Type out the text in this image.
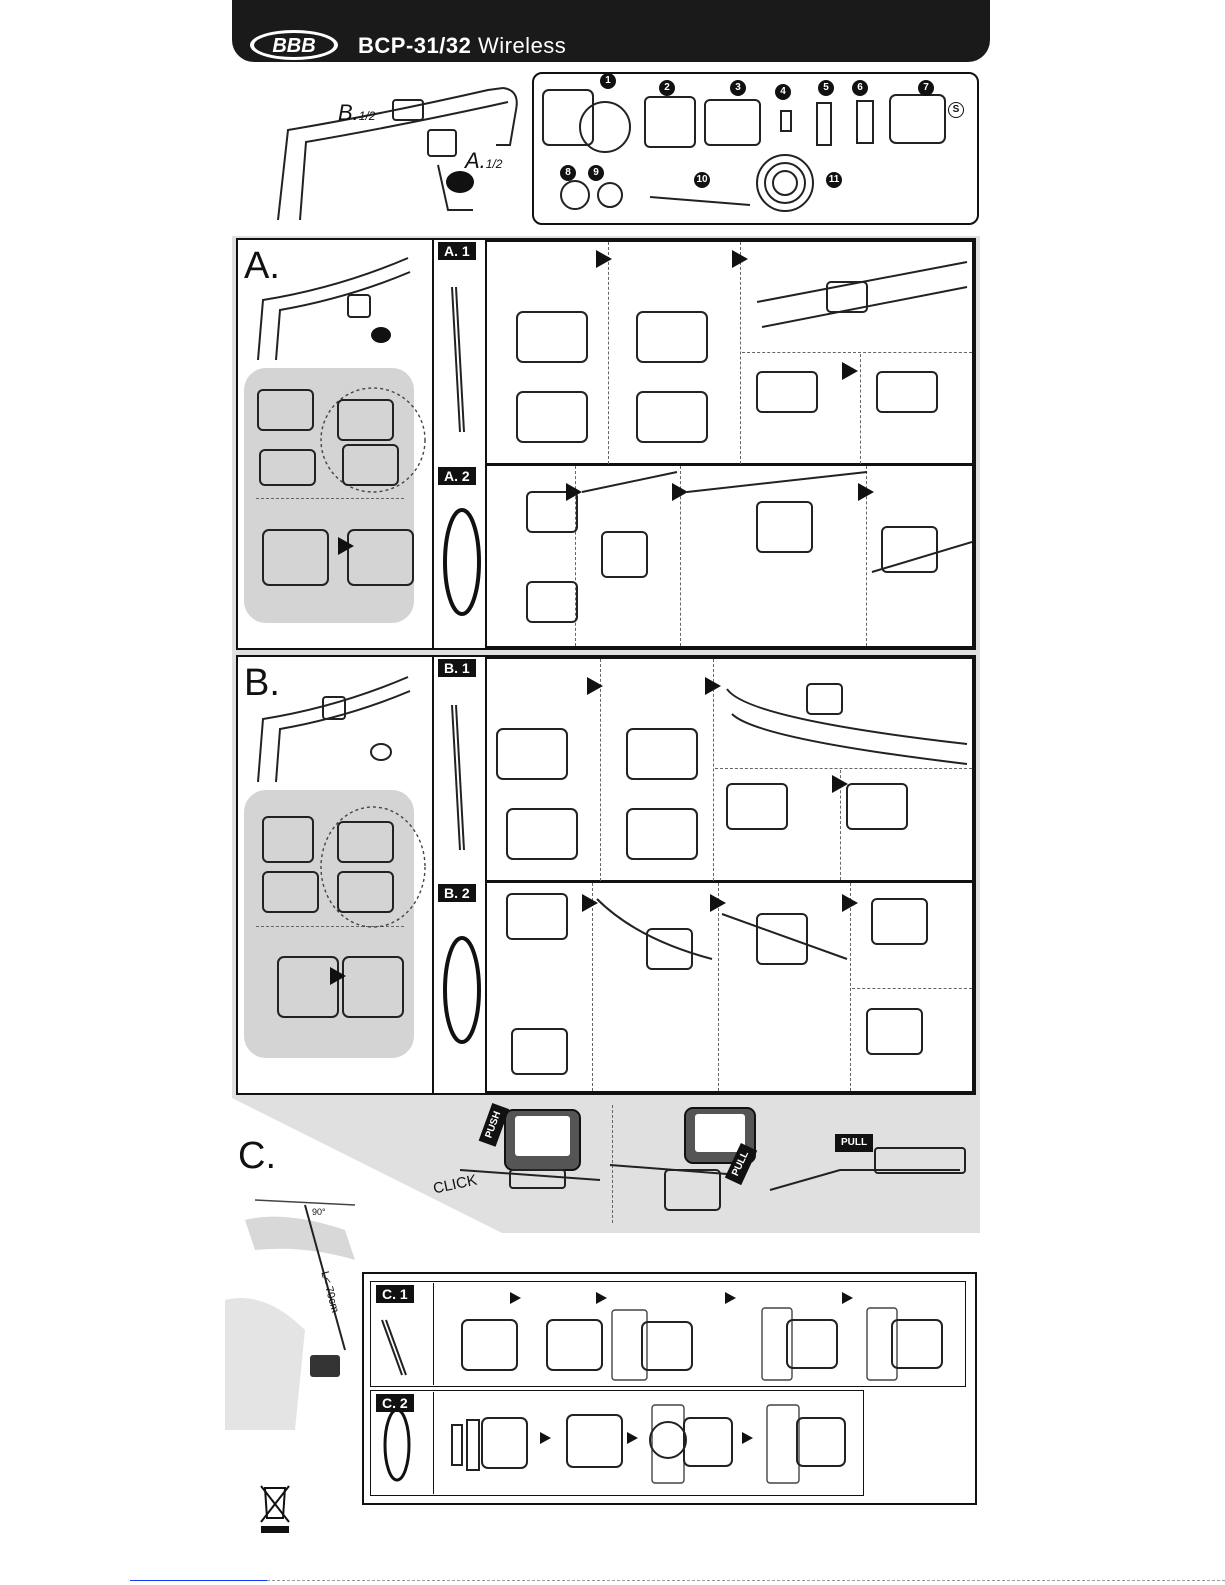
BBB BCP-31/32 Wireless
B.1/2
A.1/2
1
2	3	4	5	6	7
S
8	9
10	11
A.	A. 1
A. 2
B.	B. 1
B. 2
C.
PUSH
PULL
PULL
CLICK
90°
L< 70cm	C. 1
C. 2
